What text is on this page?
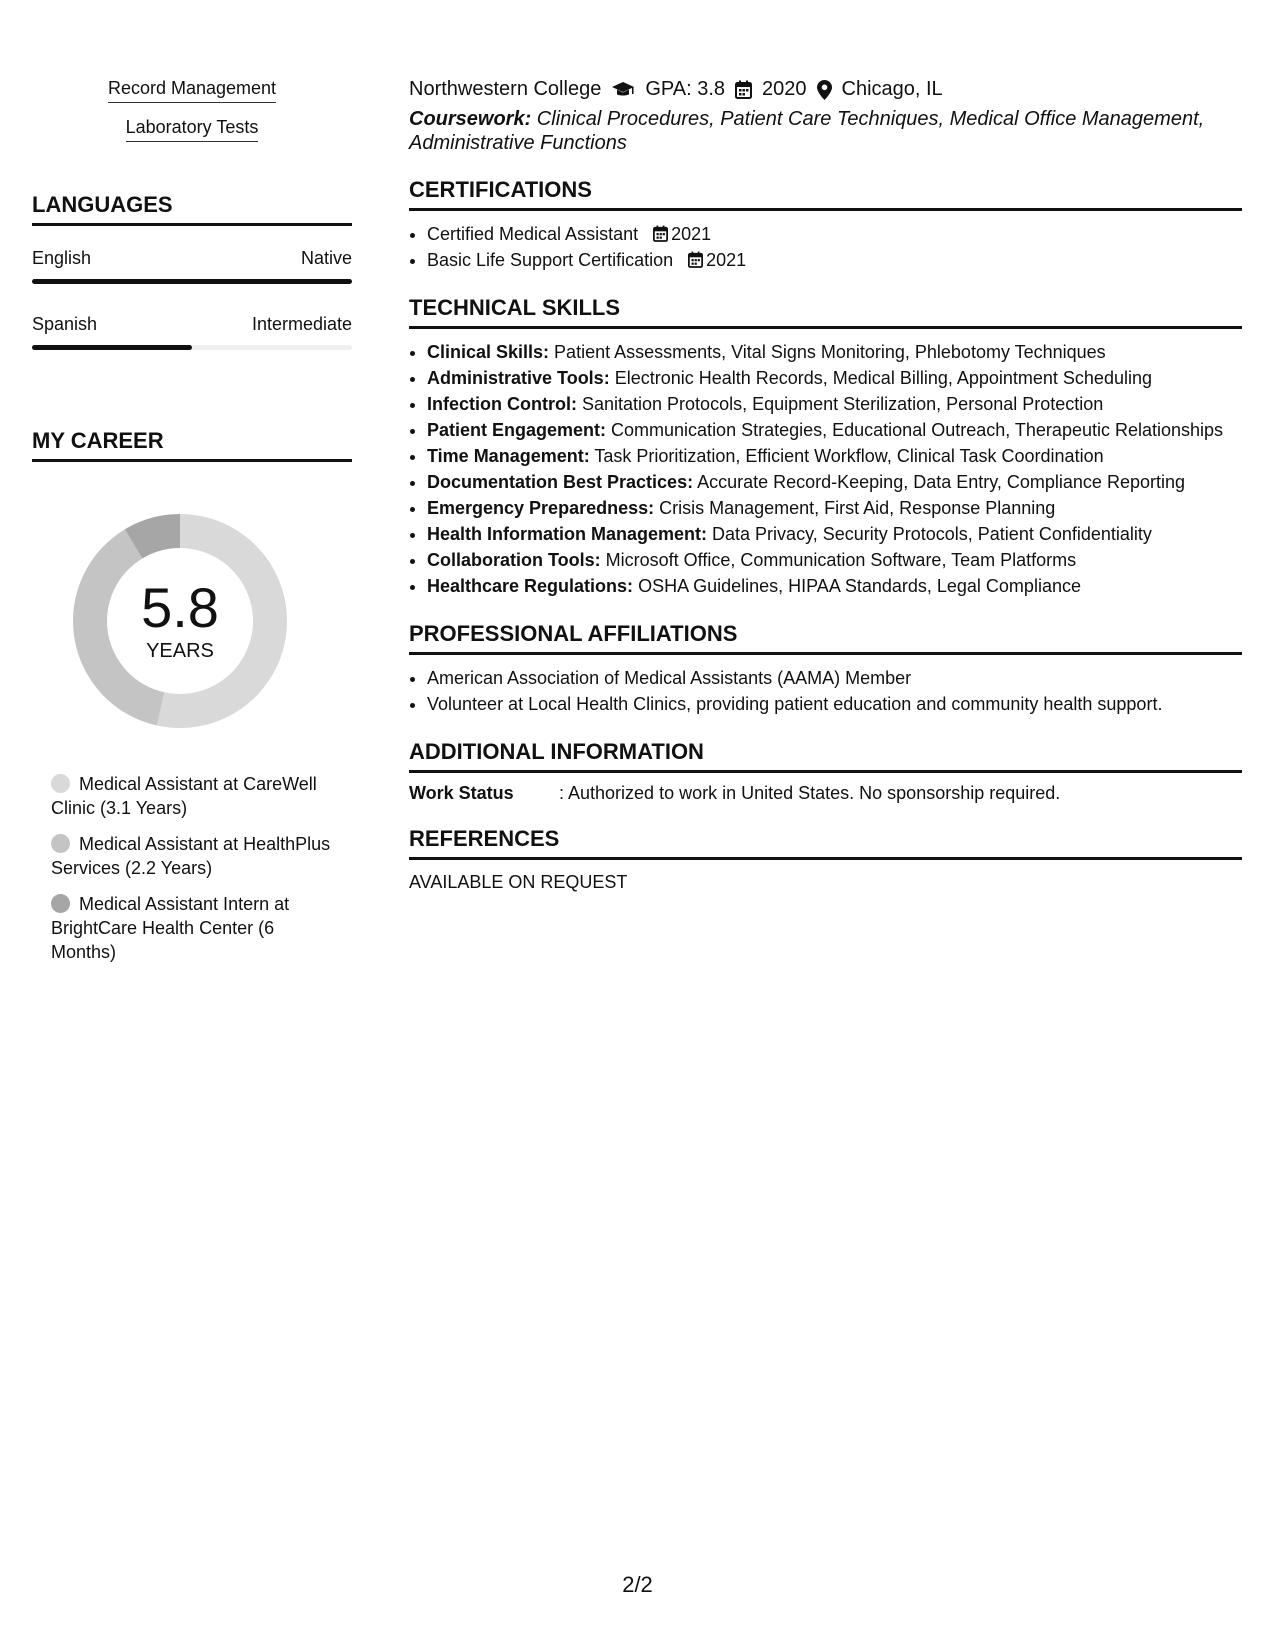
Record Management
Laboratory Tests
LANGUAGES
English	Native
Spanish	Intermediate
MY CAREER
5.8
YEARS
Medical Assistant at CareWell Clinic (3.1 Years)
Medical Assistant at HealthPlus Services (2.2 Years)
Medical Assistant Intern at BrightCare Health Center (6 Months)
Northwestern College GPA: 3.8 2020 Chicago, IL
Coursework: Clinical Procedures, Patient Care Techniques, Medical Office Management, Administrative Functions
CERTIFICATIONS
• Certified Medical Assistant 2021
• Basic Life Support Certification 2021
TECHNICAL SKILLS
• Clinical Skills: Patient Assessments, Vital Signs Monitoring, Phlebotomy Techniques
• Administrative Tools: Electronic Health Records, Medical Billing, Appointment Scheduling
• Infection Control: Sanitation Protocols, Equipment Sterilization, Personal Protection
• Patient Engagement: Communication Strategies, Educational Outreach, Therapeutic Relationships
• Time Management: Task Prioritization, Efficient Workflow, Clinical Task Coordination
• Documentation Best Practices: Accurate Record-Keeping, Data Entry, Compliance Reporting
• Emergency Preparedness: Crisis Management, First Aid, Response Planning
• Health Information Management: Data Privacy, Security Protocols, Patient Confidentiality
• Collaboration Tools: Microsoft Office, Communication Software, Team Platforms
• Healthcare Regulations: OSHA Guidelines, HIPAA Standards, Legal Compliance
PROFESSIONAL AFFILIATIONS
• American Association of Medical Assistants (AAMA) Member
• Volunteer at Local Health Clinics, providing patient education and community health support.
ADDITIONAL INFORMATION
Work Status	: Authorized to work in United States. No sponsorship required.
REFERENCES
AVAILABLE ON REQUEST
2/2
